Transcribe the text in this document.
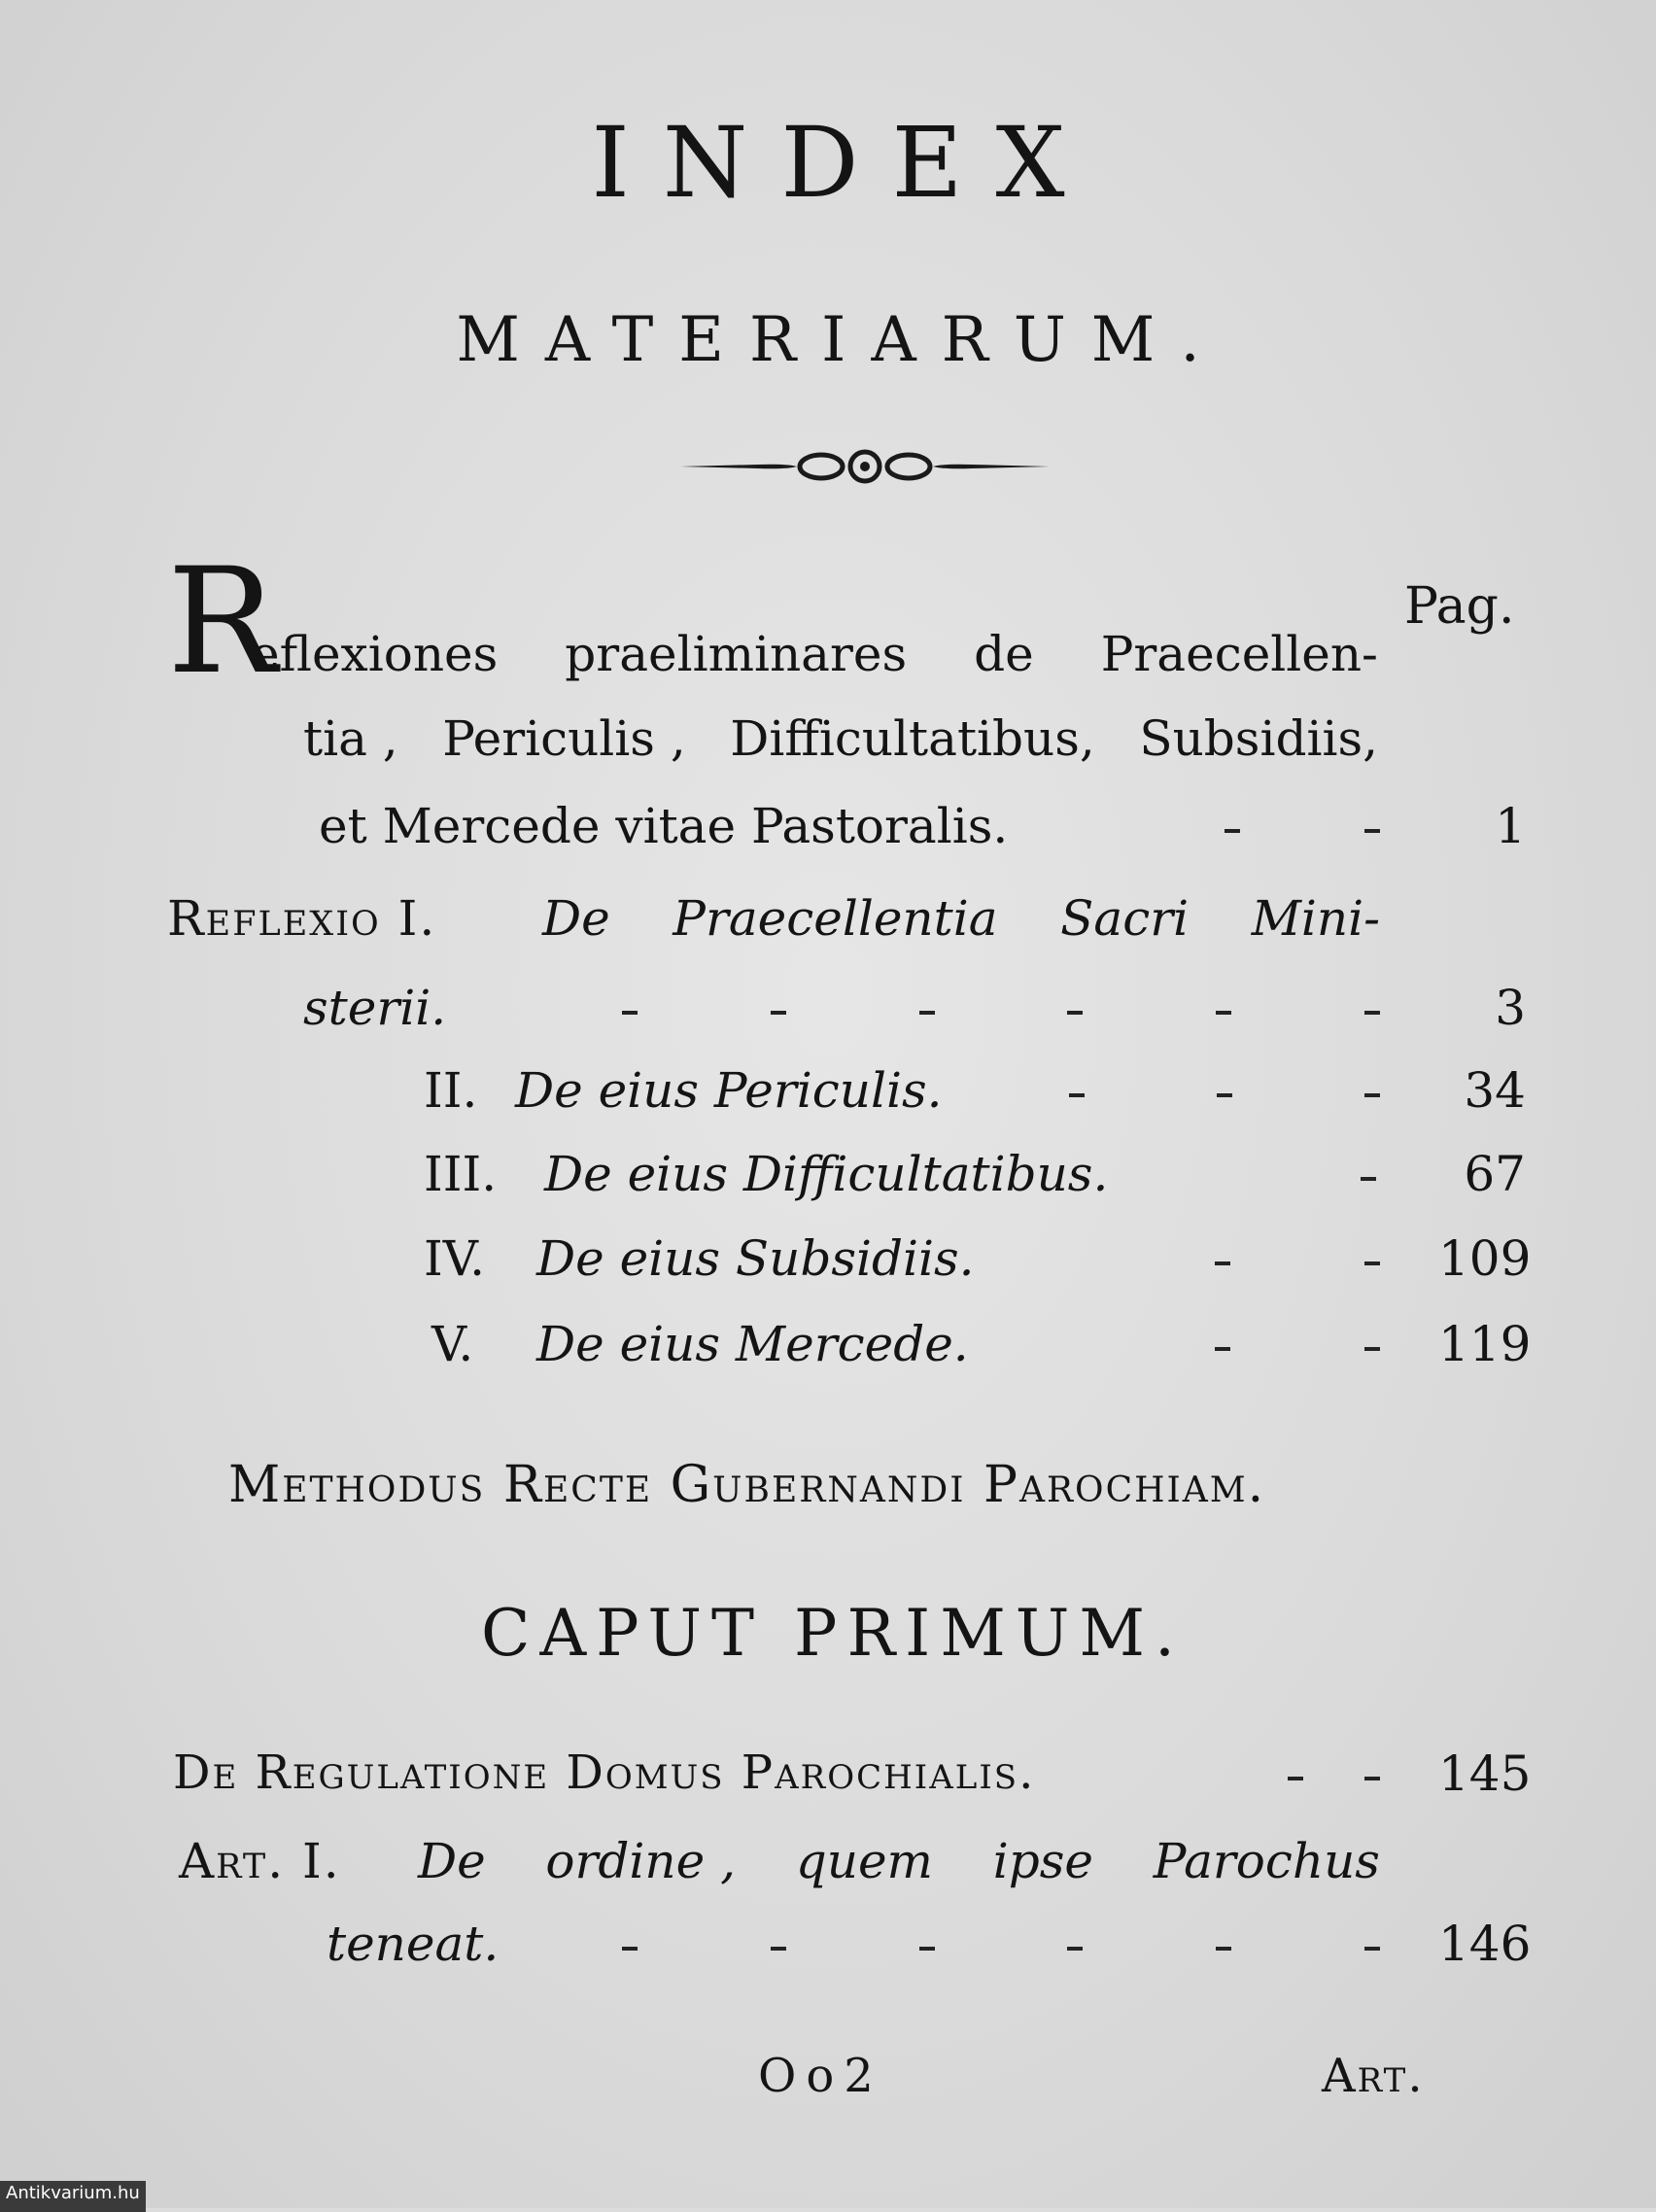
INDEX
MATERIARUM.
Pag.
R
eflexiones praeliminares de Praecellen-
tia , Periculis , Difficultatibus, Subsidiis,
et Mercede vitae Pastoralis.	1
Reflexio I. De Praecellentia Sacri Mini-
sterii.	3
II. De eius Periculis.	34
III. De eius Difficultatibus.	67
IV. De eius Subsidiis.	109
V. De eius Mercede.	119
Methodus Recte Gubernandi Parochiam.
CAPUT PRIMUM.
De Regulatione Domus Parochialis.	145
Art. I. De ordine , quem ipse Parochus
teneat.	146
Oo2	Art.
Antikvarium.hu
